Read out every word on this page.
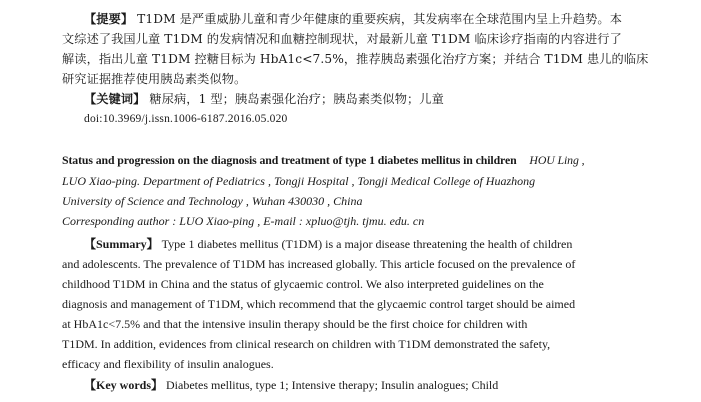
【提要】 T1DM 是严重威胁儿童和青少年健康的重要疾病，其发病率在全球范围内呈上升趋势。本
文综述了我国儿童 T1DM 的发病情况和血糖控制现状，对最新儿童 T1DM 临床诊疗指南的内容进行了
解读，指出儿童 T1DM 控糖目标为 HbA1c<7.5%，推荐胰岛素强化治疗方案；并结合 T1DM 患儿的临床
研究证据推荐使用胰岛素类似物。
【关键词】 糖尿病，1 型；胰岛素强化治疗；胰岛素类似物；儿童
doi:10.3969/j.issn.1006-6187.2016.05.020
Status and progression on the diagnosis and treatment of type 1 diabetes mellitus in children HOU Ling ,
LUO Xiao-ping. Department of Pediatrics , Tongji Hospital , Tongji Medical College of Huazhong
University of Science and Technology , Wuhan 430030 , China
Corresponding author : LUO Xiao-ping , E-mail : xpluo@tjh. tjmu. edu. cn
【Summary】 Type 1 diabetes mellitus (T1DM) is a major disease threatening the health of children
and adolescents. The prevalence of T1DM has increased globally. This article focused on the prevalence of
childhood T1DM in China and the status of glycaemic control. We also interpreted guidelines on the
diagnosis and management of T1DM, which recommend that the glycaemic control target should be aimed
at HbA1c<7.5% and that the intensive insulin therapy should be the first choice for children with
T1DM. In addition, evidences from clinical research on children with T1DM demonstrated the safety,
efficacy and flexibility of insulin analogues.
【Key words】 Diabetes mellitus, type 1; Intensive therapy; Insulin analogues; Child
